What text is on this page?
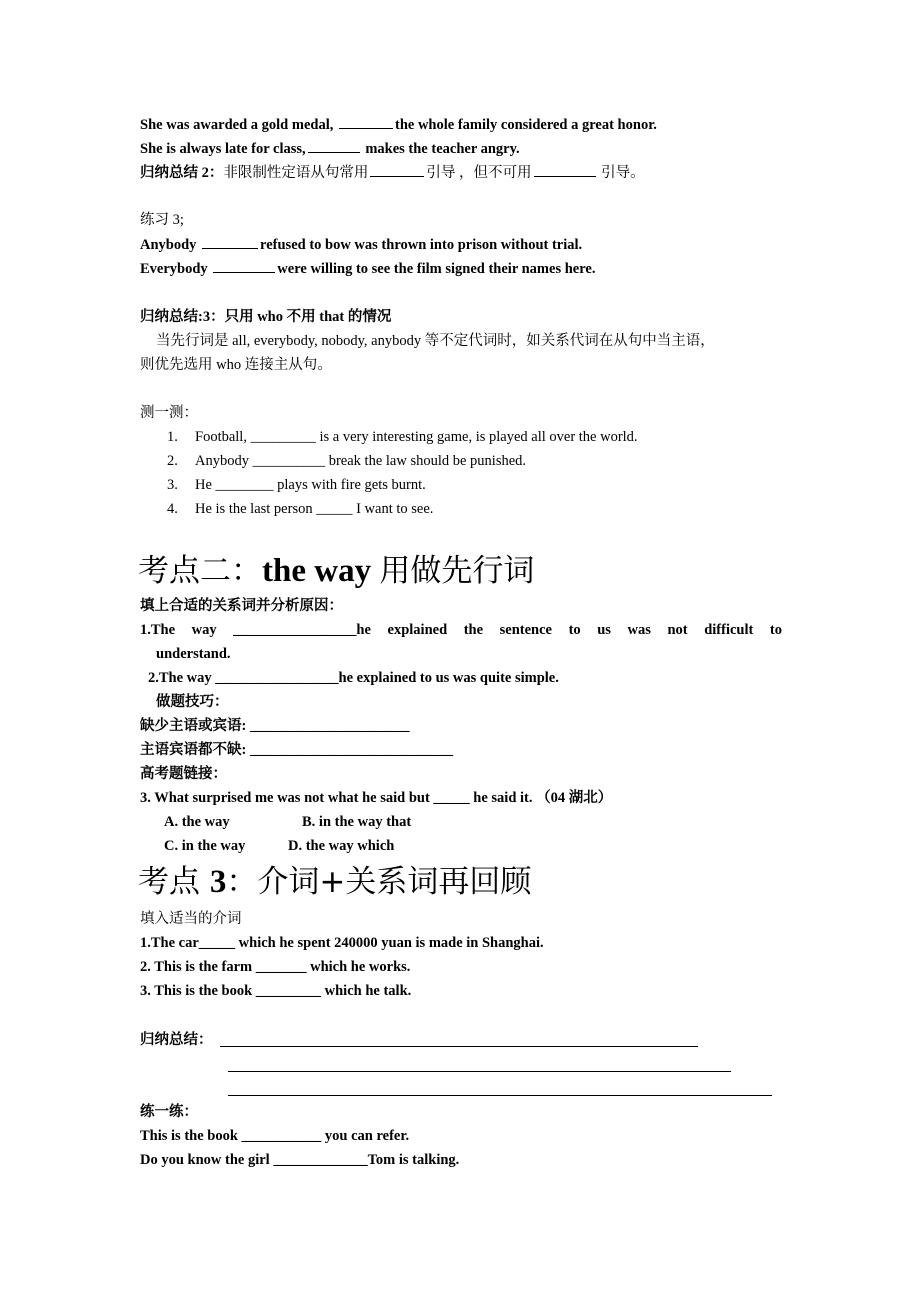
She was awarded a gold medal,	the whole family considered a great honor.
She is always late for class,	makes the teacher angry.
归纳总结 2：非限制性定语从句常用	引导 ，但不可用	引导。
练习 3;
Anybody	refused to bow was thrown into prison without trial.
Everybody	were willing to see the film signed their names here.
归纳总结:3：只用 who 不用 that 的情况
当先行词是 all, everybody, nobody, anybody 等不定代词时，如关系代词在从句中当主语，
则优先选用 who 连接主从句。
测一测：
1. Football, _________ is a very interesting game, is played all over the world.
2. Anybody __________ break the law should be punished.
3. He ________ plays with fire gets burnt.
4. He is the last person _____ I want to see.
考点二：the way 用做先行词
填上合适的关系词并分析原因：
1.The way _________________he explained the sentence to us was not difficult to
understand.
2.The way _________________he explained to us was quite simple.
做题技巧：
缺少主语或宾语: ______________________
主语宾语都不缺: ____________________________
高考题链接：
3. What surprised me was not what he said but _____ he said it. （04 湖北）
A. the way	B. in the way that
C. in the way	D. the way which
考点 3：介词+关系词再回顾
填入适当的介词
1.The car_____ which he spent 240000 yuan is made in Shanghai.
2. This is the farm _______ which he works.
3. This is the book _________ which he talk.
归纳总结：
练一练：
This is the book ___________ you can refer.
Do you know the girl _____________Tom is talking.
